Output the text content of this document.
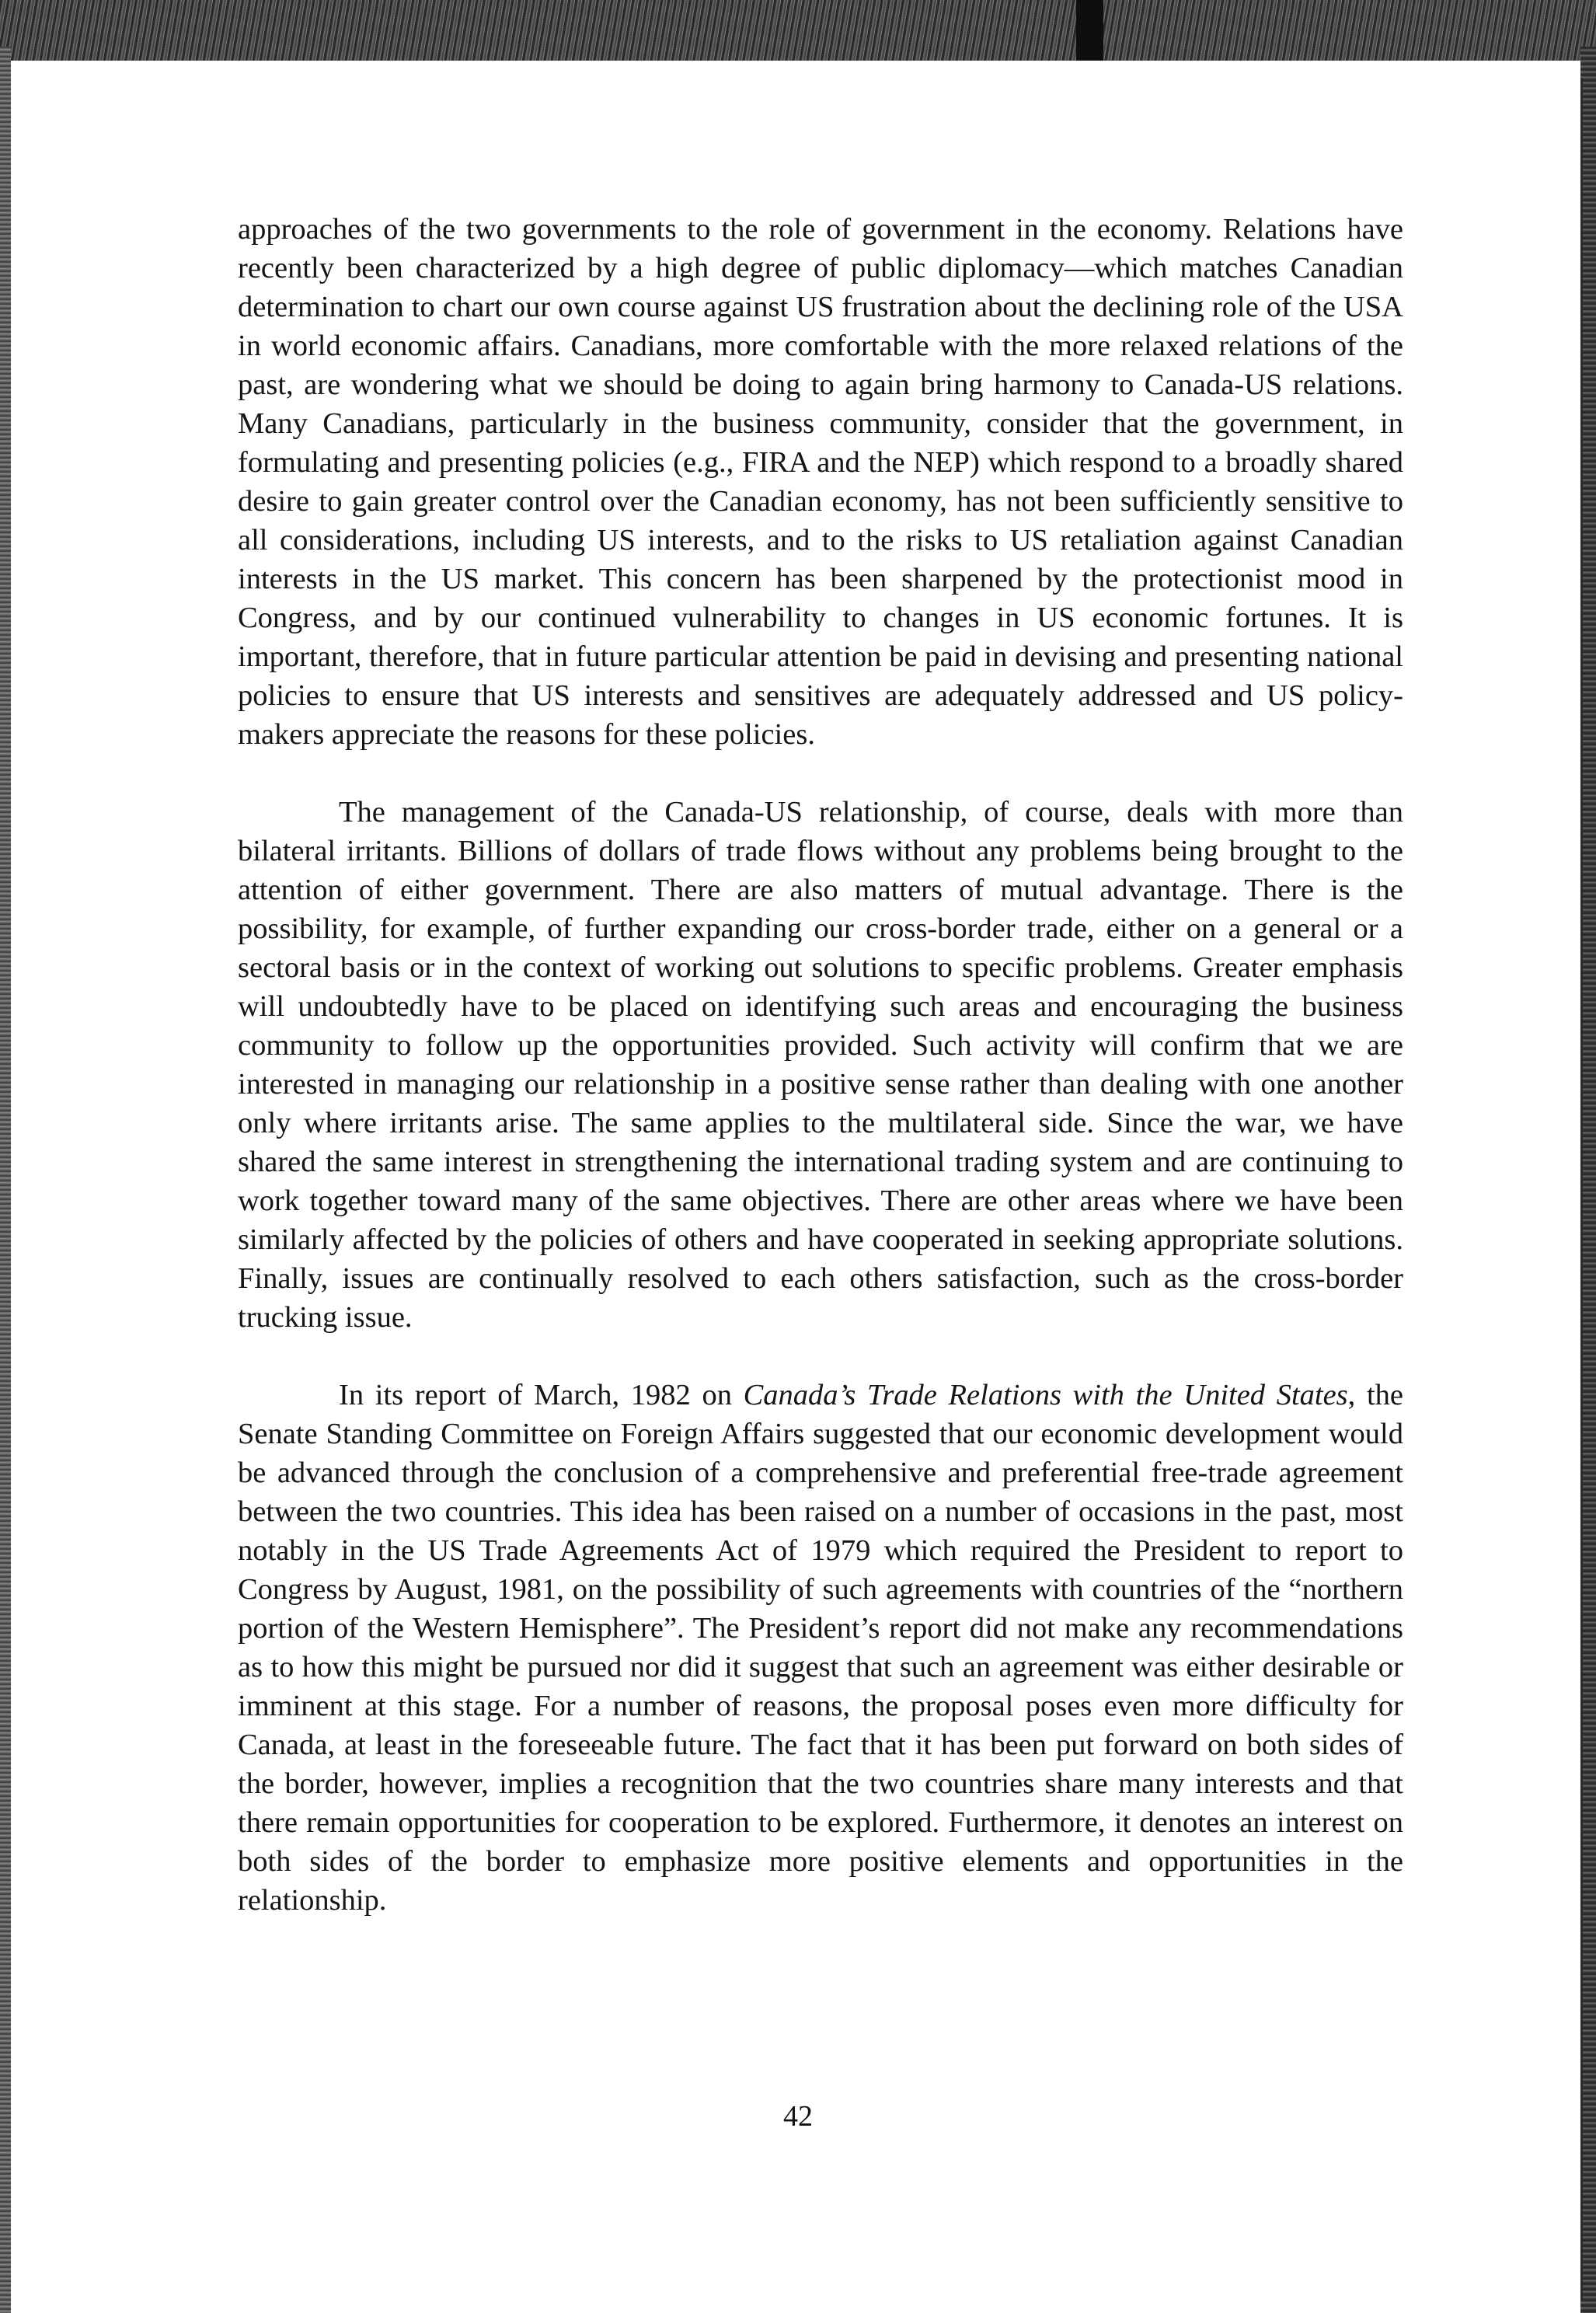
approaches of the two governments to the role of government in the economy. Relations have recently been characterized by a high degree of public diplomacy—which matches Canadian determination to chart our own course against US frustration about the declining role of the USA in world economic affairs. Canadians, more comfortable with the more relaxed relations of the past, are wondering what we should be doing to again bring harmony to Canada-US relations. Many Canadians, particularly in the business community, consider that the government, in formulating and presenting policies (e.g., FIRA and the NEP) which respond to a broadly shared desire to gain greater control over the Canadian economy, has not been sufficiently sensitive to all considerations, including US interests, and to the risks to US retaliation against Canadian interests in the US market. This concern has been sharpened by the protectionist mood in Congress, and by our continued vulnerability to changes in US economic fortunes. It is important, therefore, that in future particular attention be paid in devising and presenting national policies to ensure that US interests and sensitives are adequately addressed and US policy-makers appreciate the reasons for these policies.

The management of the Canada-US relationship, of course, deals with more than bilateral irritants. Billions of dollars of trade flows without any problems being brought to the attention of either government. There are also matters of mutual advantage. There is the possibility, for example, of further expanding our cross-border trade, either on a general or a sectoral basis or in the context of working out solutions to specific problems. Greater emphasis will undoubtedly have to be placed on identifying such areas and encouraging the business community to follow up the opportunities provided. Such activity will confirm that we are interested in managing our relationship in a positive sense rather than dealing with one another only where irritants arise. The same applies to the multilateral side. Since the war, we have shared the same interest in strengthening the international trading system and are continuing to work together toward many of the same objectives. There are other areas where we have been similarly affected by the policies of others and have cooperated in seeking appropriate solutions. Finally, issues are continually resolved to each others satisfaction, such as the cross-border trucking issue.

In its report of March, 1982 on Canada’s Trade Relations with the United States, the Senate Standing Committee on Foreign Affairs suggested that our economic development would be advanced through the conclusion of a comprehensive and preferential free-trade agreement between the two countries. This idea has been raised on a number of occasions in the past, most notably in the US Trade Agreements Act of 1979 which required the President to report to Congress by August, 1981, on the possibility of such agreements with countries of the “northern portion of the Western Hemisphere”. The President’s report did not make any recommendations as to how this might be pursued nor did it suggest that such an agreement was either desirable or imminent at this stage. For a number of reasons, the proposal poses even more difficulty for Canada, at least in the foreseeable future. The fact that it has been put forward on both sides of the border, however, implies a recognition that the two countries share many interests and that there remain opportunities for cooperation to be explored. Furthermore, it denotes an interest on both sides of the border to emphasize more positive elements and opportunities in the relationship.

42
